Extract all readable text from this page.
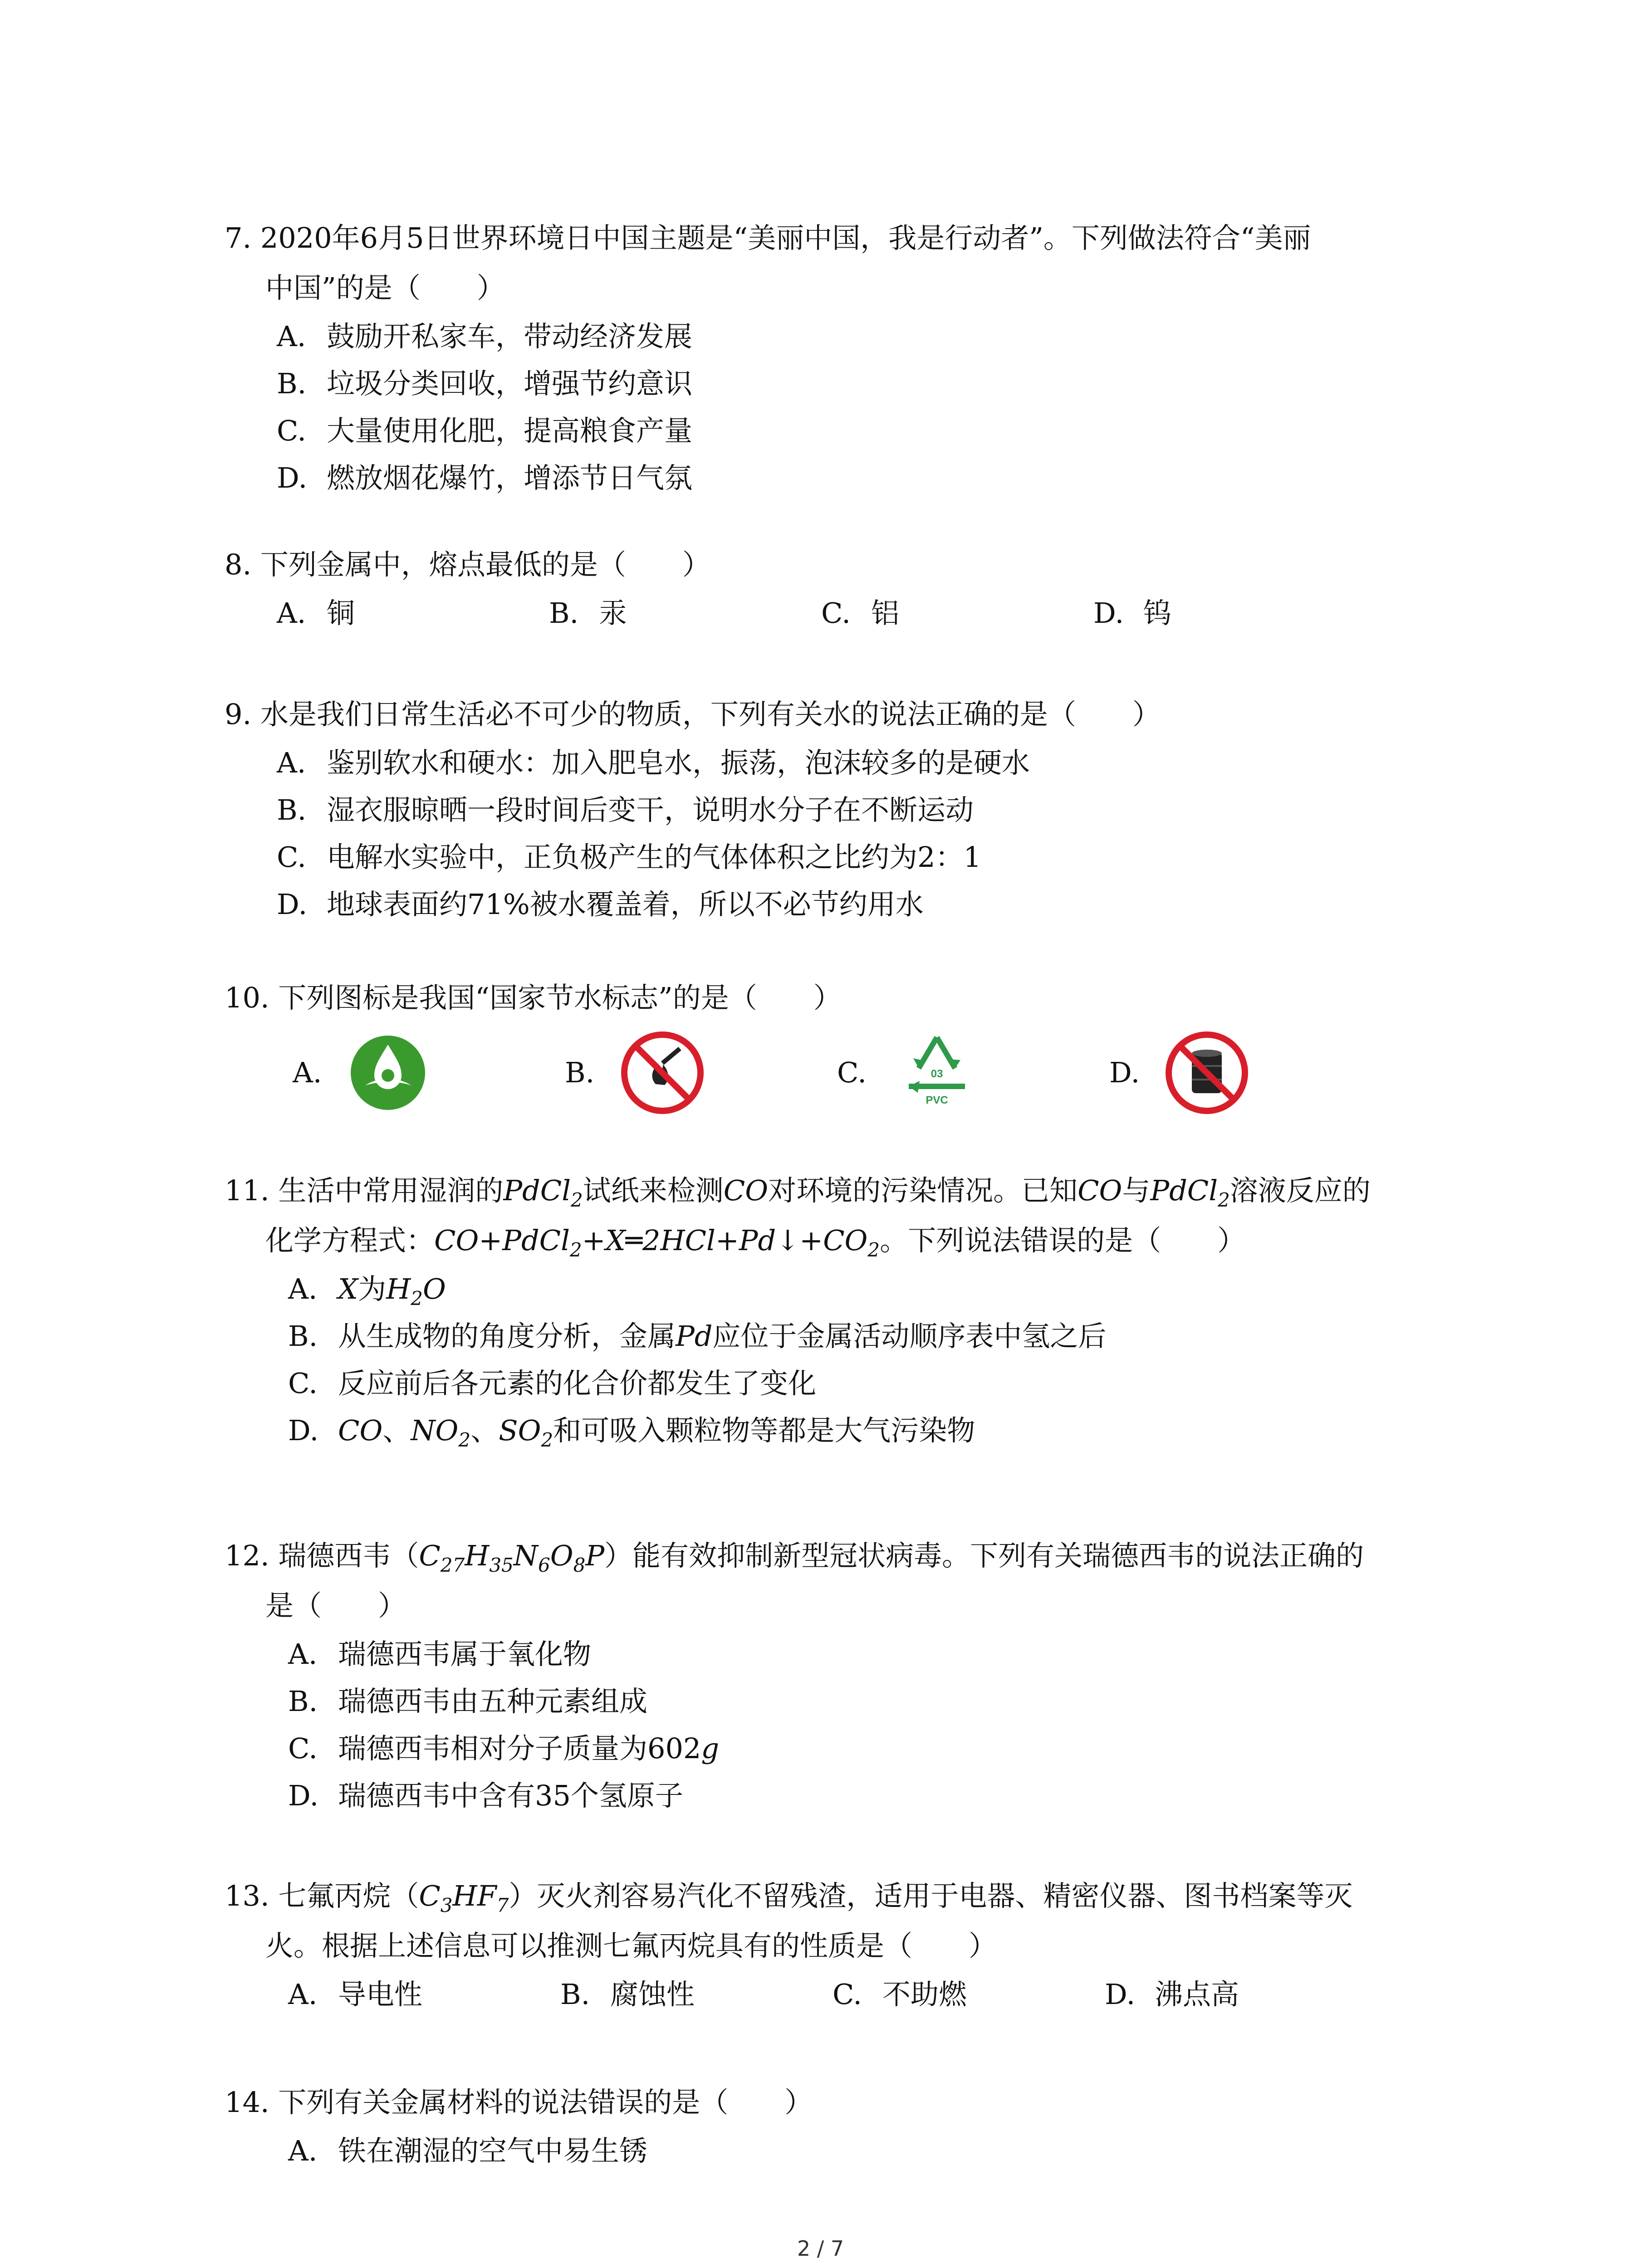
7. 2020年6月5日世界环境日中国主题是“美丽中国，我是行动者”。下列做法符合“美丽
中国”的是（　　）
A. 鼓励开私家车，带动经济发展
B. 垃圾分类回收，增强节约意识
C. 大量使用化肥，提高粮食产量
D. 燃放烟花爆竹，增添节日气氛
8. 下列金属中，熔点最低的是（　　）
A. 铜	B. 汞	C. 铝	D. 钨
9. 水是我们日常生活必不可少的物质，下列有关水的说法正确的是（　　）
A. 鉴别软水和硬水：加入肥皂水，振荡，泡沫较多的是硬水
B. 湿衣服晾晒一段时间后变干，说明水分子在不断运动
C. 电解水实验中，正负极产生的气体体积之比约为2：1
D. 地球表面约71%被水覆盖着，所以不必节约用水
10. 下列图标是我国“国家节水标志”的是（　　）
A.	B.	C.	03
PVC
D.
11. 生活中常用湿润的PdCl$_2$试纸来检测CO对环境的污染情况。已知CO与PdCl$_2$溶液反应的
化学方程式：$CO+PdCl_2+X═2HCl+Pd↓+CO_2$。下列说法错误的是（　　）
A. X为$H_2O$
B. 从生成物的角度分析，金属Pd应位于金属活动顺序表中氢之后
C. 反应前后各元素的化合价都发生了变化
D. CO、$NO_2$、$SO_2$和可吸入颗粒物等都是大气污染物
12. 瑞德西韦$(C_{27}H_{35}N_6O_8P)$能有效抑制新型冠状病毒。下列有关瑞德西韦的说法正确的
是（　　）
A. 瑞德西韦属于氧化物
B. 瑞德西韦由五种元素组成
C. 瑞德西韦相对分子质量为602g
D. 瑞德西韦中含有35个氢原子
13. 七氟丙烷$(C_3HF_7)$灭火剂容易汽化不留残渣，适用于电器、精密仪器、图书档案等灭
火。根据上述信息可以推测七氟丙烷具有的性质是（　　）
A. 导电性	B. 腐蚀性	C. 不助燃	D. 沸点高
14. 下列有关金属材料的说法错误的是（　　）
A. 铁在潮湿的空气中易生锈
2 / 7
